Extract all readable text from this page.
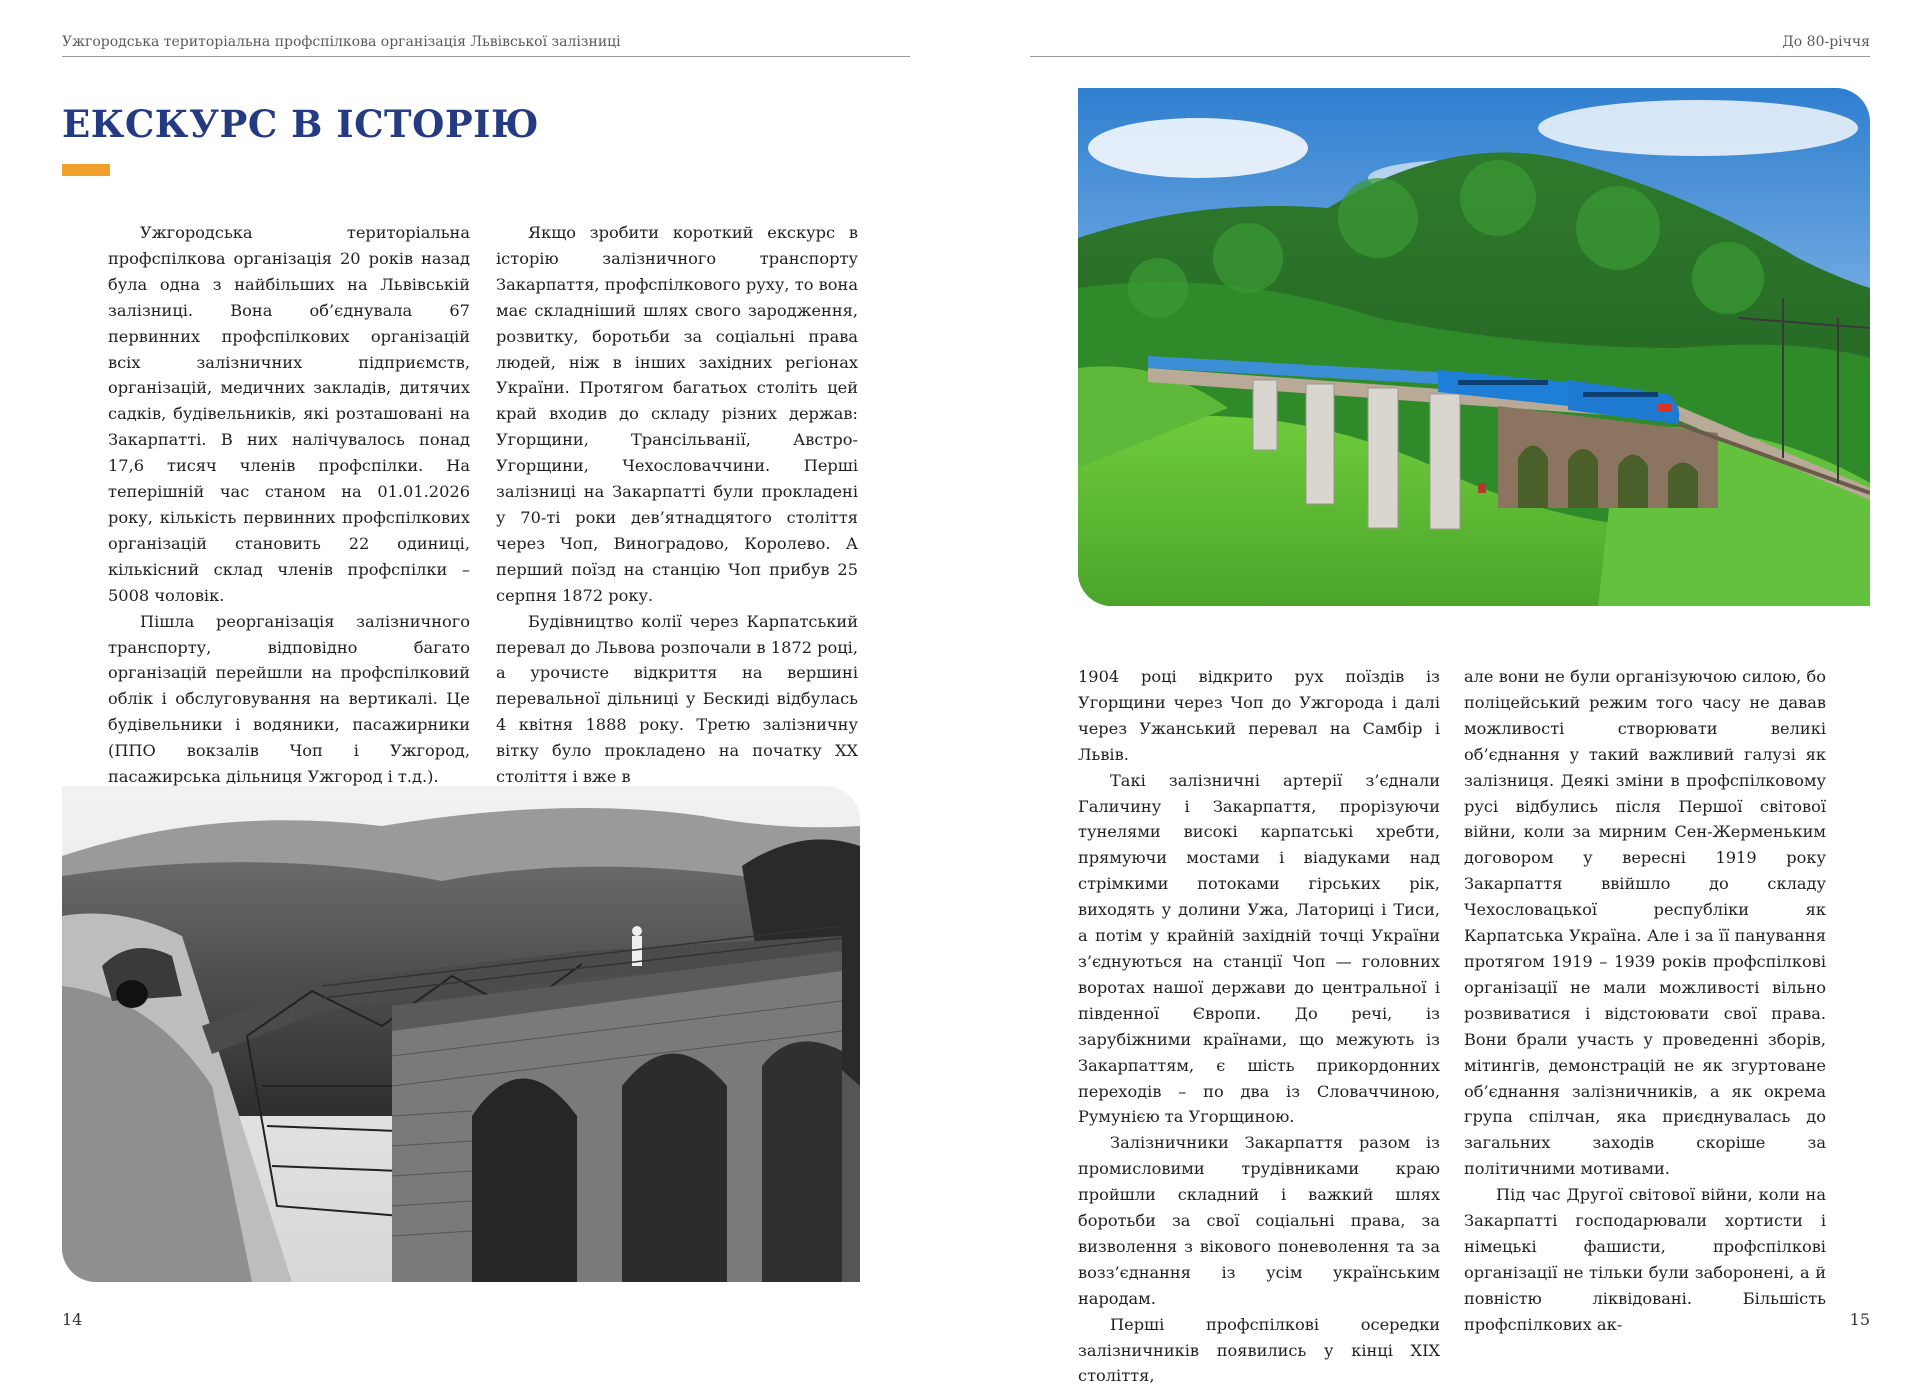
Ужгородська територіальна профспілкова організація Львівської залізниці
ЕКСКУРС В ІСТОРІЮ

Ужгородська територіальна профспілкова організація 20 років назад була одна з найбільших на Львівській залізниці. Вона об’єднувала 67 первинних профспілкових організацій всіх залізничних підприємств, організацій, медичних закладів, дитячих садків, будівельників, які розташовані на Закарпатті. В них налічувалось понад 17,6 тисяч членів профспілки. На теперішній час станом на 01.01.2026 року, кількість первинних профспілкових організацій становить 22 одиниці, кількісний склад членів профспілки – 5008 чоловік.

Пішла реорганізація залізничного транспорту, відповідно багато організацій перейшли на профспілковий облік і обслуговування на вертикалі. Це будівельники і водяники, пасажирники (ППО вокзалів Чоп і Ужгород, пасажирська дільниця Ужгород і т.д.).

Якщо зробити короткий екскурс в історію залізничного транспорту Закарпаття, профспілкового руху, то вона має складніший шлях свого зародження, розвитку, боротьби за соціальні права людей, ніж в інших західних регіонах України. Протягом багатьох століть цей край входив до складу різних держав: Угорщини, Трансільванії, Австро-Угорщини, Чехословаччини. Перші залізниці на Закарпатті були прокладені у 70-ті роки дев’ятнадцятого століття через Чоп, Виноградово, Королево. А перший поїзд на станцію Чоп прибув 25 серпня 1872 року.

Будівництво колії через Карпатський перевал до Львова розпочали в 1872 році, а урочисте відкриття на вершині перевальної дільниці у Бескиді відбулась 4 квітня 1888 року. Третю залізничну вітку було прокладено на початку XX століття і вже в

14
До 80-річчя

1904 році відкрито рух поїздів із Угорщини через Чоп до Ужгорода і далі через Ужанський перевал на Самбір і Львів.

Такі залізничні артерії з’єднали Галичину і Закарпаття, прорізуючи тунелями високі карпатські хребти, прямуючи мостами і віадуками над стрімкими потоками гірських рік, виходять у долини Ужа, Латориці і Тиси, а потім у крайній західній точці України з’єднуються на станції Чоп — головних воротах нашої держави до центральної і південної Європи. До речі, із зарубіжними країнами, що межують із Закарпаттям, є шість прикордонних переходів – по два із Словаччиною, Румунією та Угорщиною.

Залізничники Закарпаття разом із промисловими трудівниками краю пройшли складний і важкий шлях боротьби за свої соціальні права, за визволення з вікового поневолення та за возз’єднання із усім українським народам.

Перші профспілкові осередки залізничників появились у кінці XIX століття,

але вони не були організуючою силою, бо поліцейський режим того часу не давав можливості створювати великі об’єднання у такий важливий галузі як залізниця. Деякі зміни в профспілковому русі відбулись після Першої світової війни, коли за мирним Сен-Жермeньким договором у вересні 1919 року Закарпаття ввійшло до складу Чехословацької республіки як Карпатська Україна. Але і за її панування протягом 1919 – 1939 років профспілкові організації не мали можливості вільно розвиватися і відстоювати свої права. Вони брали участь у проведенні зборів, мітингів, демонстрацій не як згуртоване об’єднання залізничників, а як окрема група спілчан, яка приєднувалась до загальних заходів скоріше за політичними мотивами.

Під час Другої світової війни, коли на Закарпатті господарювали хортисти і німецькі фашисти, профспілкові організації не тільки були заборонені, а й повністю ліквідовані. Більшість профспілкових ак-	15
